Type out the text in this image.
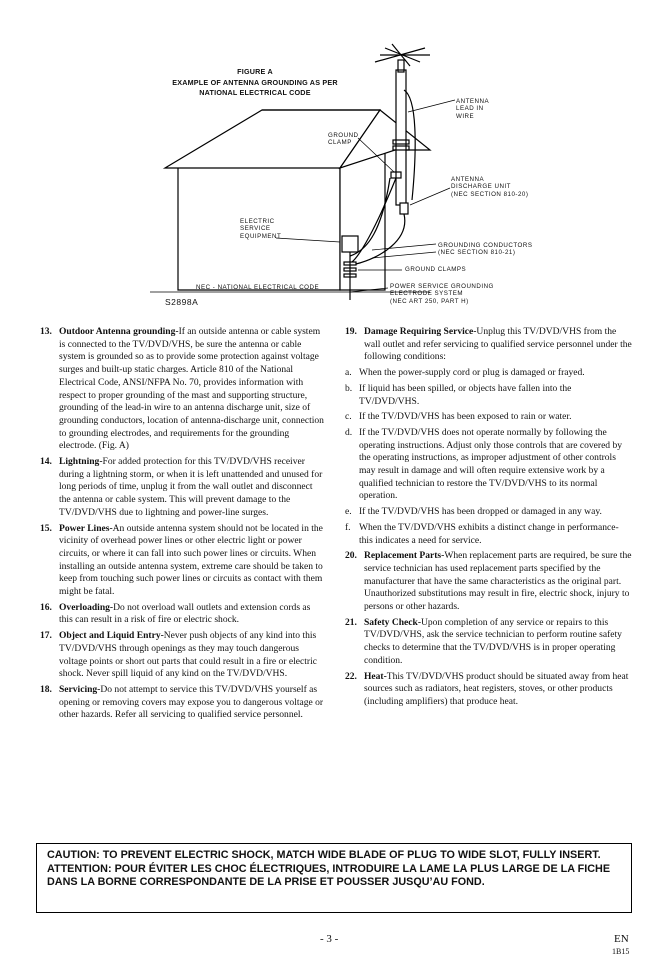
FIGURE A
EXAMPLE OF ANTENNA GROUNDING AS PER
NATIONAL ELECTRICAL CODE
ANTENNA
LEAD IN
WIRE
GROUND
CLAMP
ANTENNA
DISCHARGE UNIT
(NEC SECTION 810-20)
ELECTRIC
SERVICE
EQUIPMENT
GROUNDING CONDUCTORS
(NEC SECTION 810-21)
GROUND CLAMPS
POWER SERVICE GROUNDING
ELECTRODE SYSTEM
(NEC ART 250, PART H)
NEC - NATIONAL ELECTRICAL CODE
S2898A
13. Outdoor Antenna grounding-If an outside antenna or cable system is connected to the TV/DVD/VHS, be sure the antenna or cable system is grounded so as to provide some protection against voltage surges and built-up static charges. Article 810 of the National Electrical Code, ANSI/NFPA No. 70, provides information with respect to proper grounding of the mast and supporting structure, grounding of the lead-in wire to an antenna discharge unit, size of grounding conductors, location of antenna-discharge unit, connection to grounding electrodes, and requirements for the grounding electrode. (Fig. A)
14. Lightning-For added protection for this TV/DVD/VHS receiver during a lightning storm, or when it is left unattended and unused for long periods of time, unplug it from the wall outlet and disconnect the antenna or cable system. This will prevent damage to the TV/DVD/VHS due to lightning and power-line surges.
15. Power Lines-An outside antenna system should not be located in the vicinity of overhead power lines or other electric light or power circuits, or where it can fall into such power lines or circuits. When installing an outside antenna system, extreme care should be taken to keep from touching such power lines or circuits as contact with them might be fatal.
16. Overloading-Do not overload wall outlets and extension cords as this can result in a risk of fire or electric shock.
17. Object and Liquid Entry-Never push objects of any kind into this TV/DVD/VHS through openings as they may touch dangerous voltage points or short out parts that could result in a fire or electric shock. Never spill liquid of any kind on the TV/DVD/VHS.
18. Servicing-Do not attempt to service this TV/DVD/VHS yourself as opening or removing covers may expose you to dangerous voltage or other hazards. Refer all servicing to qualified service personnel.
19. Damage Requiring Service-Unplug this TV/DVD/VHS from the wall outlet and refer servicing to qualified service personnel under the following conditions:
a. When the power-supply cord or plug is damaged or frayed.
b. If liquid has been spilled, or objects have fallen into the TV/DVD/VHS.
c. If the TV/DVD/VHS has been exposed to rain or water.
d. If the TV/DVD/VHS does not operate normally by following the operating instructions. Adjust only those controls that are covered by the operating instructions, as improper adjustment of other controls may result in damage and will often require extensive work by a qualified technician to restore the TV/DVD/VHS to its normal operation.
e. If the TV/DVD/VHS has been dropped or damaged in any way.
f. When the TV/DVD/VHS exhibits a distinct change in performance-this indicates a need for service.
20. Replacement Parts-When replacement parts are required, be sure the service technician has used replacement parts specified by the manufacturer that have the same characteristics as the original part. Unauthorized substitutions may result in fire, electric shock, injury to persons or other hazards.
21. Safety Check-Upon completion of any service or repairs to this TV/DVD/VHS, ask the service technician to perform routine safety checks to determine that the TV/DVD/VHS is in proper operating condition.
22. Heat-This TV/DVD/VHS product should be situated away from heat sources such as radiators, heat registers, stoves, or other products (including amplifiers) that produce heat.

CAUTION: TO PREVENT ELECTRIC SHOCK, MATCH WIDE BLADE OF PLUG TO WIDE SLOT, FULLY INSERT.

ATTENTION: POUR ÉVITER LES CHOC ÉLECTRIQUES, INTRODUIRE LA LAME LA PLUS LARGE DE LA FICHE DANS LA BORNE CORRESPONDANTE DE LA PRISE ET POUSSER JUSQU’AU FOND.

- 3 -	EN
1B15
